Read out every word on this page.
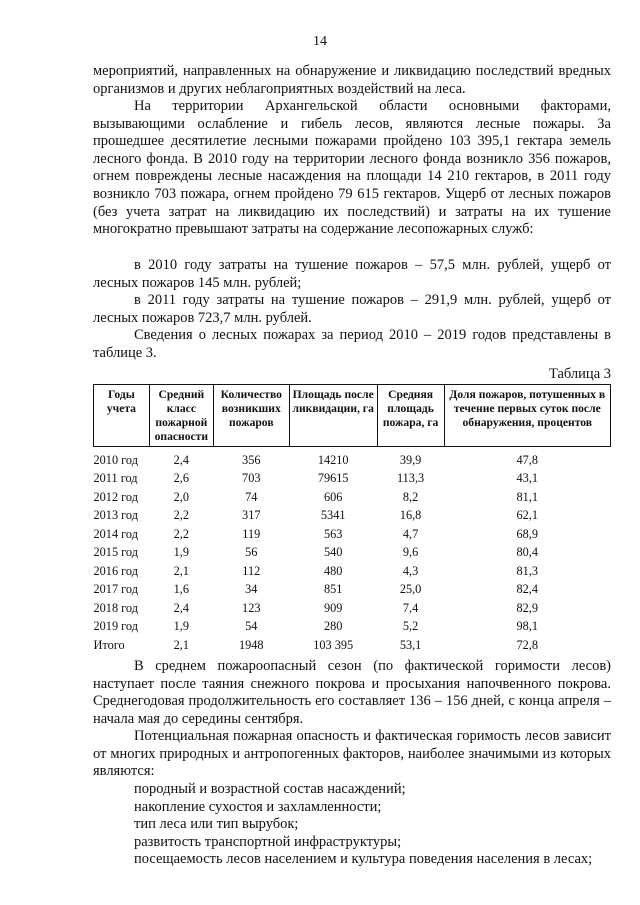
14

мероприятий, направленных на обнаружение и ликвидацию последствий вредных организмов и других неблагоприятных воздействий на леса.

На территории Архангельской области основными факторами, вызывающими ослабление и гибель лесов, являются лесные пожары. За прошедшее десятилетие лесными пожарами пройдено 103 395,1 гектара земель лесного фонда. В 2010 году на территории лесного фонда возникло 356 пожаров, огнем повреждены лесные насаждения на площади 14 210 гектаров, в 2011 году возникло 703 пожара, огнем пройдено 79 615 гектаров. Ущерб от лесных пожаров (без учета затрат на ликвидацию их последствий) и затраты на их тушение многократно превышают затраты на содержание лесопожарных служб:

в 2010 году затраты на тушение пожаров – 57,5 млн. рублей, ущерб от лесных пожаров 145 млн. рублей;

в 2011 году затраты на тушение пожаров – 291,9 млн. рублей, ущерб от лесных пожаров 723,7 млн. рублей.

Сведения о лесных пожарах за период 2010 – 2019 годов представлены в таблице 3.

Таблица 3
Годы учета	Средний класс пожарной опасности	Количество возникших пожаров	Площадь после ликвидации, га	Средняя площадь пожара, га	Доля пожаров, потушенных в течение первых суток после обнаружения, процентов
2010 год	2,4	356	14210	39,9	47,8
2011 год	2,6	703	79615	113,3	43,1
2012 год	2,0	74	606	8,2	81,1
2013 год	2,2	317	5341	16,8	62,1
2014 год	2,2	119	563	4,7	68,9
2015 год	1,9	56	540	9,6	80,4
2016 год	2,1	112	480	4,3	81,3
2017 год	1,6	34	851	25,0	82,4
2018 год	2,4	123	909	7,4	82,9
2019 год	1,9	54	280	5,2	98,1
Итого	2,1	1948	103 395	53,1	72,8

В среднем пожароопасный сезон (по фактической горимости лесов) наступает после таяния снежного покрова и просыхания напочвенного покрова. Среднегодовая продолжительность его составляет 136 – 156 дней, с конца апреля – начала мая до середины сентября.

Потенциальная пожарная опасность и фактическая горимость лесов зависит от многих природных и антропогенных факторов, наиболее значимыми из которых являются:

породный и возрастной состав насаждений;

накопление сухостоя и захламленности;

тип леса или тип вырубок;

развитость транспортной инфраструктуры;

посещаемость лесов населением и культура поведения населения в лесах;
